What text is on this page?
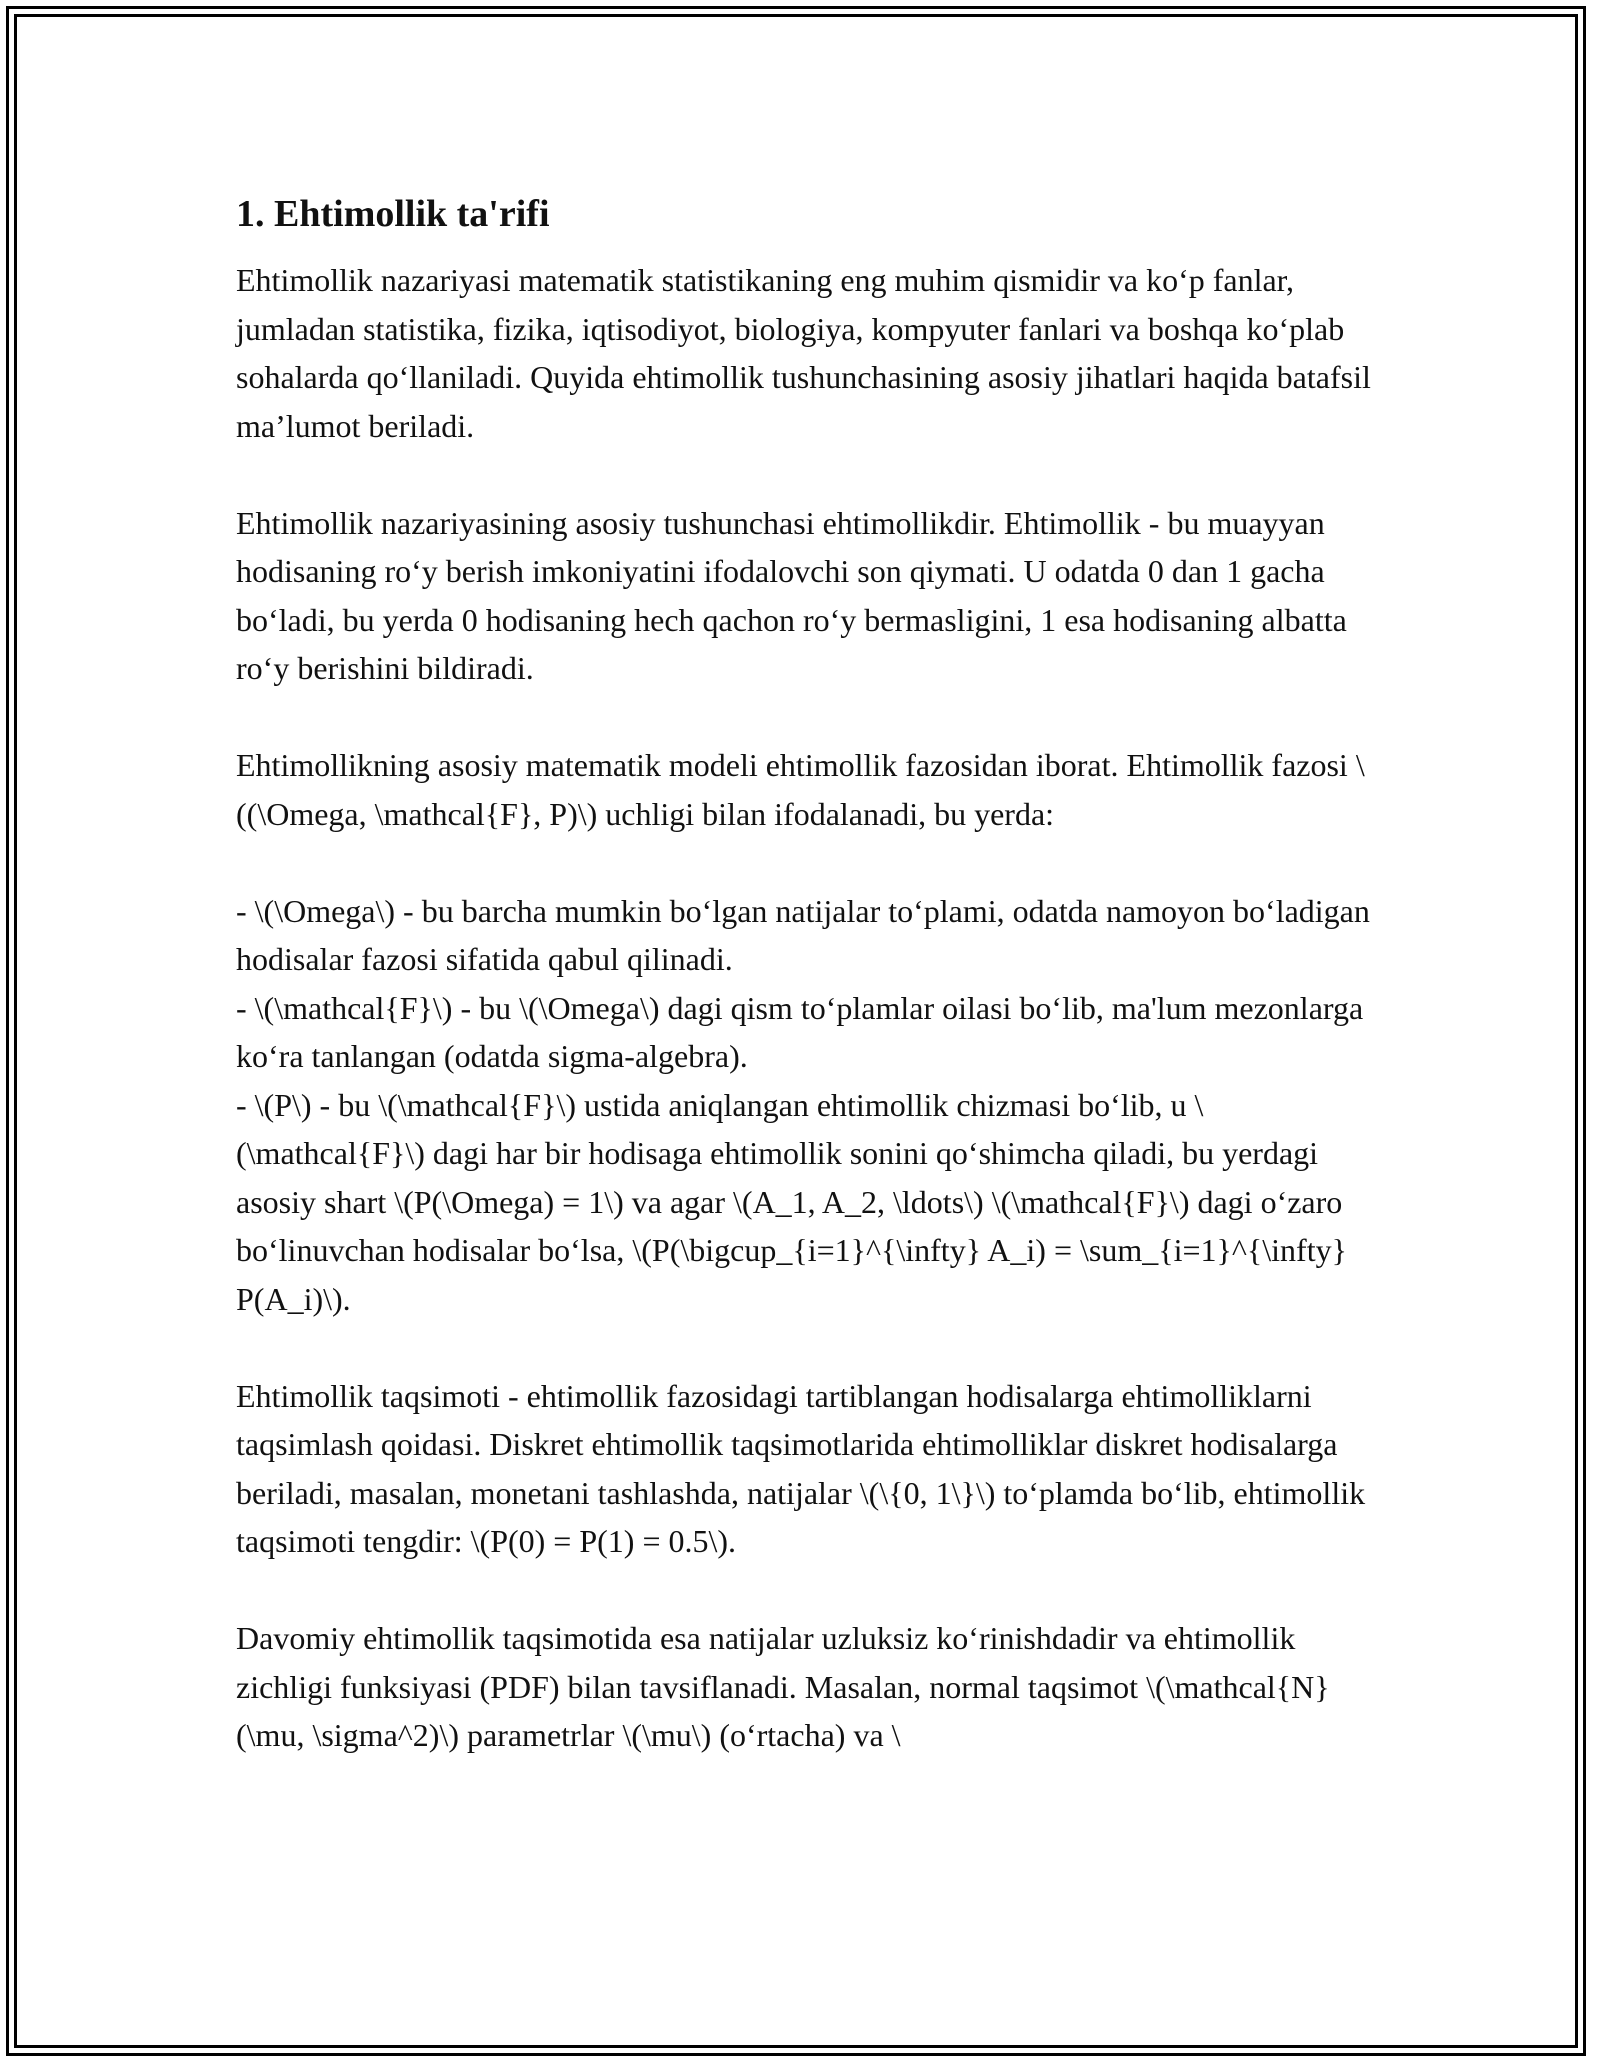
1. Ehtimollik ta'rifi

Ehtimollik nazariyasi matematik statistikaning eng muhim qismidir va ko‘p fanlar, jumladan statistika, fizika, iqtisodiyot, biologiya, kompyuter fanlari va boshqa ko‘plab sohalarda qo‘llaniladi. Quyida ehtimollik tushunchasining asosiy jihatlari haqida batafsil ma’lumot beriladi.

Ehtimollik nazariyasining asosiy tushunchasi ehtimollikdir. Ehtimollik - bu muayyan hodisaning ro‘y berish imkoniyatini ifodalovchi son qiymati. U odatda 0 dan 1 gacha bo‘ladi, bu yerda 0 hodisaning hech qachon ro‘y bermasligini, 1 esa hodisaning albatta ro‘y berishini bildiradi.

Ehtimollikning asosiy matematik modeli ehtimollik fazosidan iborat. Ehtimollik fazosi \((\Omega, \mathcal{F}, P)\) uchligi bilan ifodalanadi, bu yerda:

- \(\Omega\) - bu barcha mumkin bo‘lgan natijalar to‘plami, odatda namoyon bo‘ladigan hodisalar fazosi sifatida qabul qilinadi.
- \(\mathcal{F}\) - bu \(\Omega\) dagi qism to‘plamlar oilasi bo‘lib, ma'lum mezonlarga ko‘ra tanlangan (odatda sigma-algebra).
- \(P\) - bu \(\mathcal{F}\) ustida aniqlangan ehtimollik chizmasi bo‘lib, u \(\mathcal{F}\) dagi har bir hodisaga ehtimollik sonini qo‘shimcha qiladi, bu yerdagi asosiy shart \(P(\Omega) = 1\) va agar \(A_1, A_2, \ldots\) \(\mathcal{F}\) dagi o‘zaro bo‘linuvchan hodisalar bo‘lsa, \(P(\bigcup_{i=1}^{\infty} A_i) = \sum_{i=1}^{\infty} P(A_i)\).

Ehtimollik taqsimoti - ehtimollik fazosidagi tartiblangan hodisalarga ehtimolliklarni taqsimlash qoidasi. Diskret ehtimollik taqsimotlarida ehtimolliklar diskret hodisalarga beriladi, masalan, monetani tashlashda, natijalar \(\{0, 1\}\) to‘plamda bo‘lib, ehtimollik taqsimoti tengdir: \(P(0) = P(1) = 0.5\).

Davomiy ehtimollik taqsimotida esa natijalar uzluksiz ko‘rinishdadir va ehtimollik zichligi funksiyasi (PDF) bilan tavsiflanadi. Masalan, normal taqsimot \(\mathcal{N}(\mu, \sigma^2)\) parametrlar \(\mu\) (o‘rtacha) va \
